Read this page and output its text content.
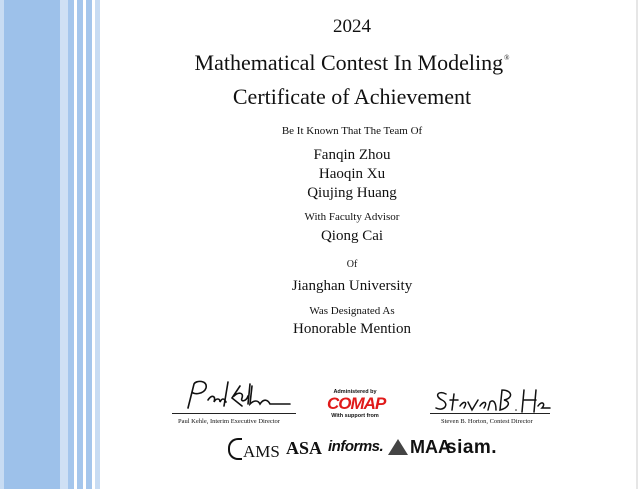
2024
Mathematical Contest In Modeling®
Certificate of Achievement
Be It Known That The Team Of
Fanqin Zhou
Haoqin Xu
Qiujing Huang
With Faculty Advisor
Qiong Cai
Of
Jianghan University
Was Designated As
Honorable Mention
Paul Kehle, Interim Executive Director
Administered by
COMAP
With support from
Steven B. Horton, Contest Director
AMS ASA informs.	MAA
siam.
